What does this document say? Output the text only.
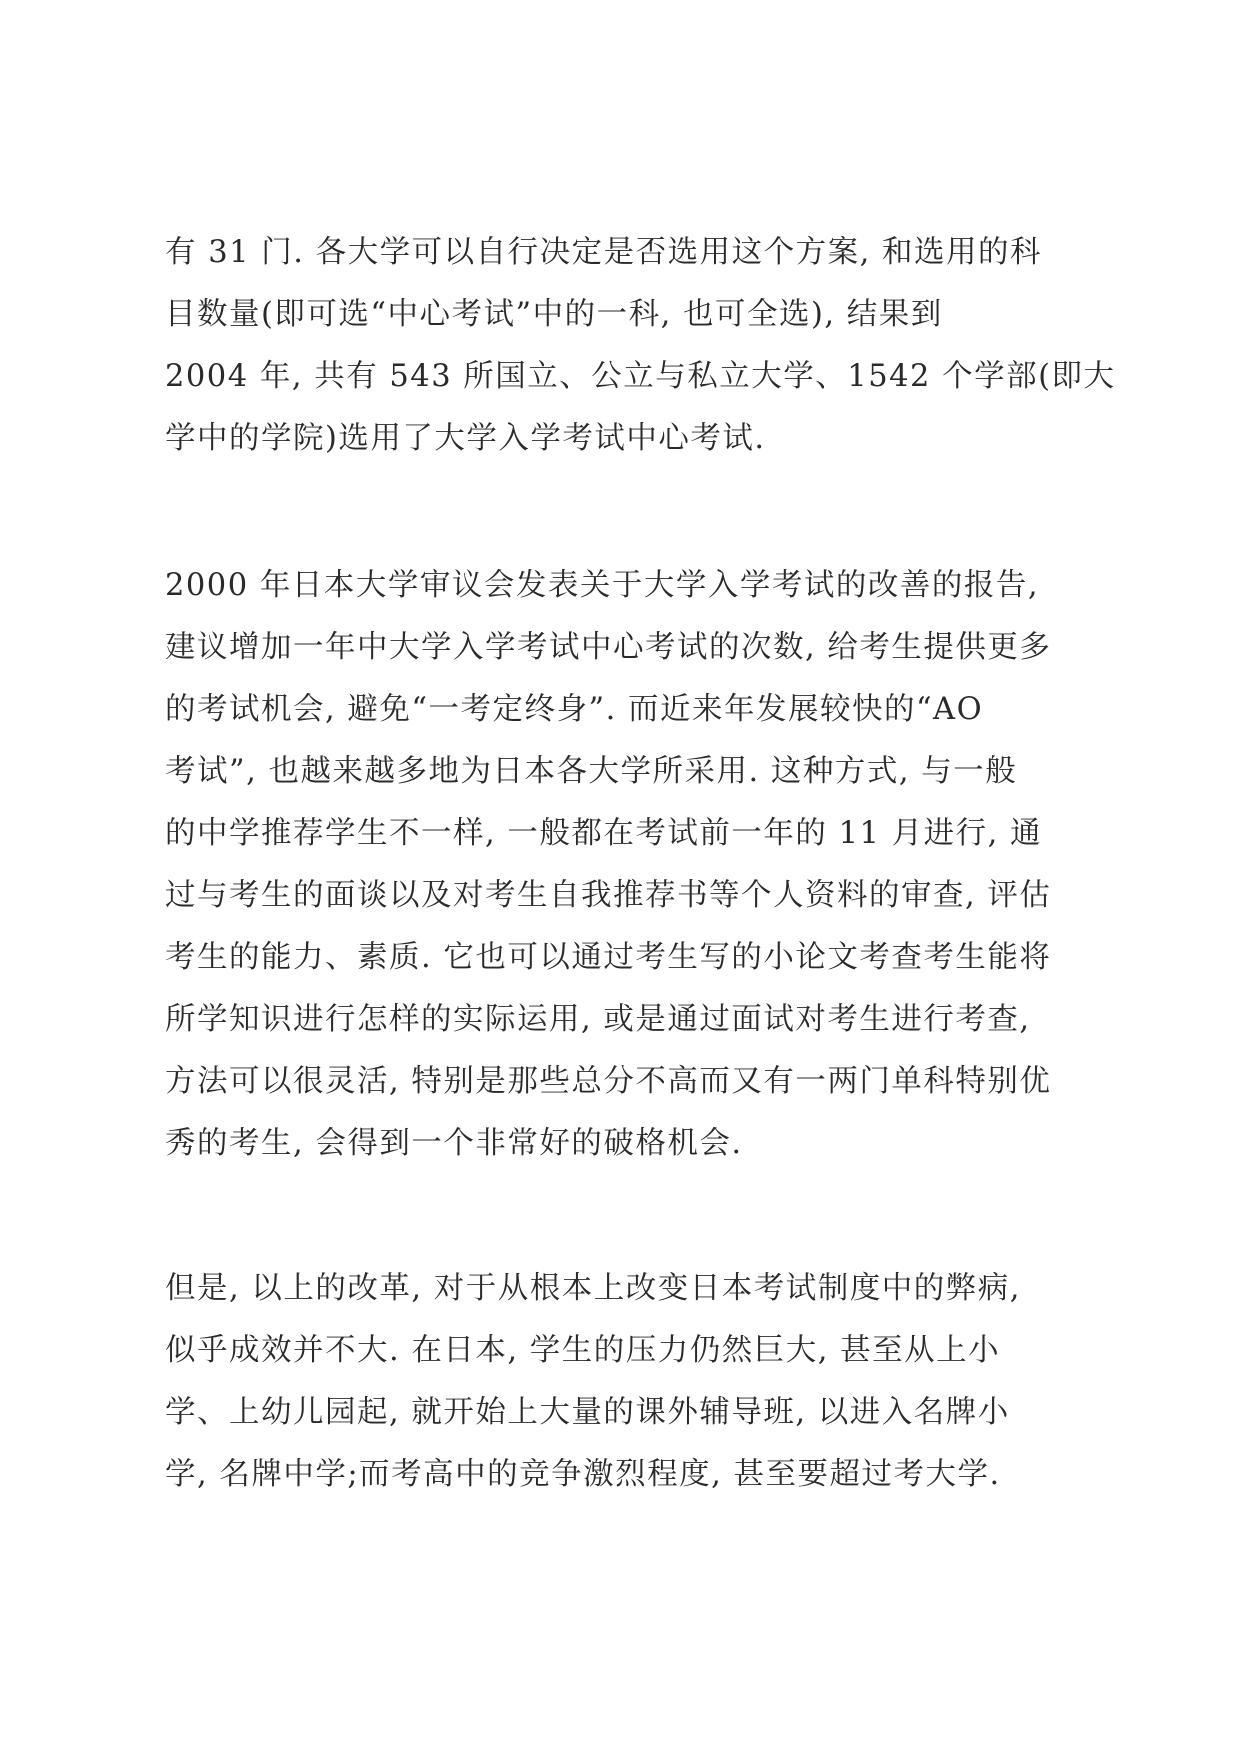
有 31 门. 各大学可以自行决定是否选用这个方案, 和选用的科
目数量(即可选“中心考试”中的一科, 也可全选), 结果到
2004 年, 共有 543 所国立、公立与私立大学、1542 个学部(即大
学中的学院)选用了大学入学考试中心考试.
2000 年日本大学审议会发表关于大学入学考试的改善的报告,
建议增加一年中大学入学考试中心考试的次数, 给考生提供更多
的考试机会, 避免“一考定终身”. 而近来年发展较快的“AO
考试”, 也越来越多地为日本各大学所采用. 这种方式, 与一般
的中学推荐学生不一样, 一般都在考试前一年的 11 月进行, 通
过与考生的面谈以及对考生自我推荐书等个人资料的审查, 评估
考生的能力、素质. 它也可以通过考生写的小论文考查考生能将
所学知识进行怎样的实际运用, 或是通过面试对考生进行考查,
方法可以很灵活, 特别是那些总分不高而又有一两门单科特别优
秀的考生, 会得到一个非常好的破格机会.
但是, 以上的改革, 对于从根本上改变日本考试制度中的弊病,
似乎成效并不大. 在日本, 学生的压力仍然巨大, 甚至从上小
学、上幼儿园起, 就开始上大量的课外辅导班, 以进入名牌小
学, 名牌中学;而考高中的竞争激烈程度, 甚至要超过考大学.
